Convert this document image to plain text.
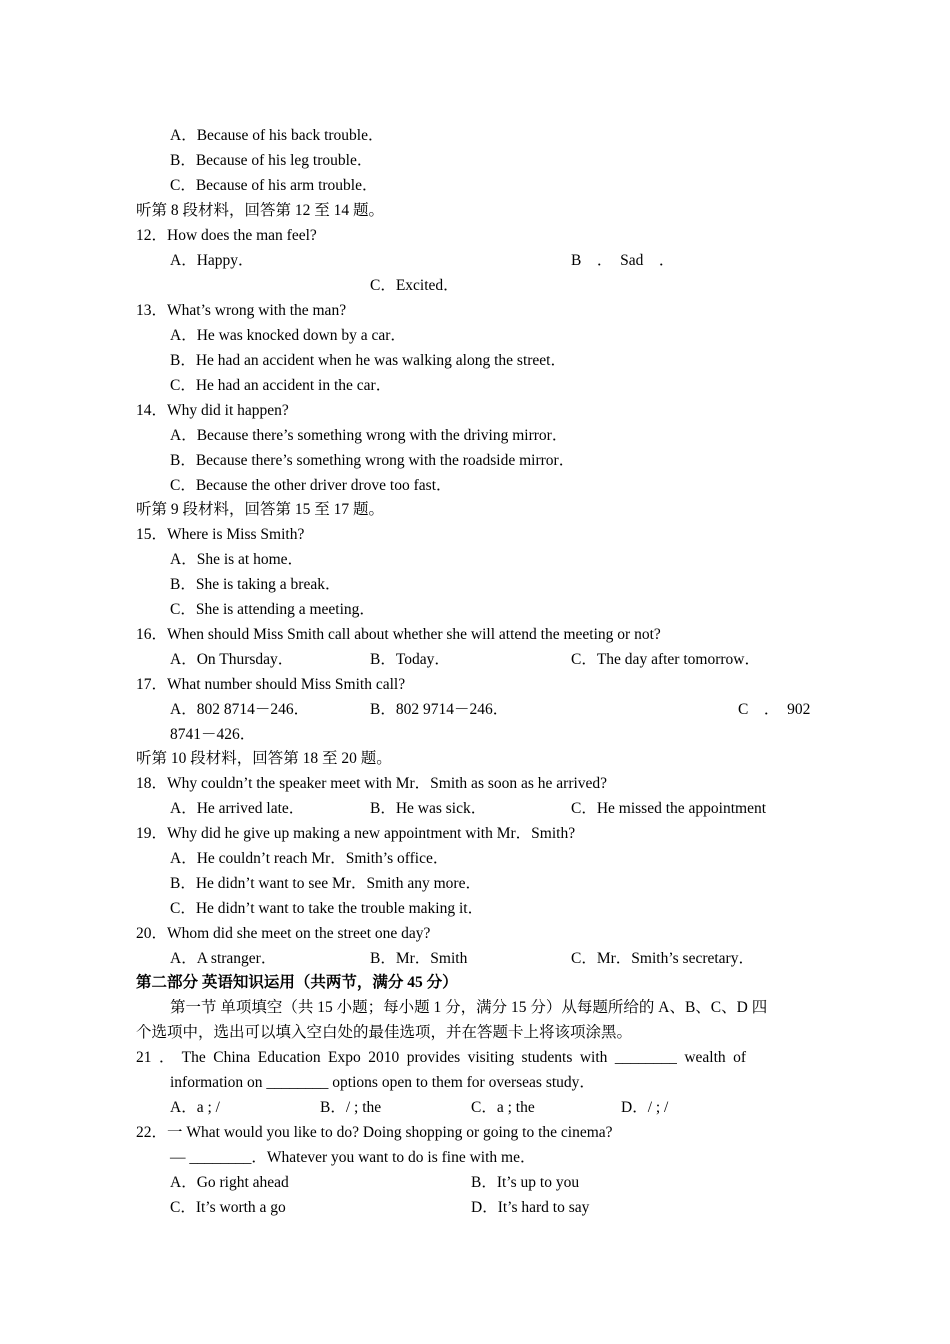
A．Because of his back trouble．
B．Because of his leg trouble．
C．Because of his arm trouble．
听第 8 段材料，回答第 12 至 14 题。
12．How does the man feel?
A．Happy．	B　．　Sad　．
C．Excited．
13．What’s wrong with the man?
A．He was knocked down by a car．
B．He had an accident when he was walking along the street．
C．He had an accident in the car．
14．Why did it happen?
A．Because there’s something wrong with the driving mirror．
B．Because there’s something wrong with the roadside mirror．
C．Because the other driver drove too fast．
听第 9 段材料，回答第 15 至 17 题。
15．Where is Miss Smith?
A．She is at home．
B．She is taking a break．
C．She is attending a meeting．
16．When should Miss Smith call about whether she will attend the meeting or not?
A．On Thursday．	B．Today．	C．The day after tomorrow．
17．What number should Miss Smith call?
A．802 8714－246．	B．802 9714－246．	C　．　902
8741－426．
听第 10 段材料，回答第 18 至 20 题。
18．Why couldn’t the speaker meet with Mr．Smith as soon as he arrived?
A．He arrived late．	B．He was sick．	C．He missed the appointment
19．Why did he give up making a new appointment with Mr．Smith?
A．He couldn’t reach Mr．Smith’s office．
B．He didn’t want to see Mr．Smith any more．
C．He didn’t want to take the trouble making it．
20．Whom did she meet on the street one day?
A．A stranger．	B．Mr．Smith	C．Mr．Smith’s secretary．
第二部分 英语知识运用（共两节，满分 45 分）
第一节 单项填空（共 15 小题；每小题 1 分，满分 15 分）从每题所给的 A、B、C、D 四
个选项中，选出可以填入空白处的最佳选项，并在答题卡上将该项涂黑。
21 ． The China Education Expo 2010 provides visiting students with ________ wealth of
information on ________ options open to them for overseas study．
A．a ; /	B．/ ; the	C．a ; the	D．/ ; /
22．一 What would you like to do? Doing shopping or going to the cinema?
— ________．Whatever you want to do is fine with me．
A．Go right ahead	B．It’s up to you
C．It’s worth a go	D．It’s hard to say
